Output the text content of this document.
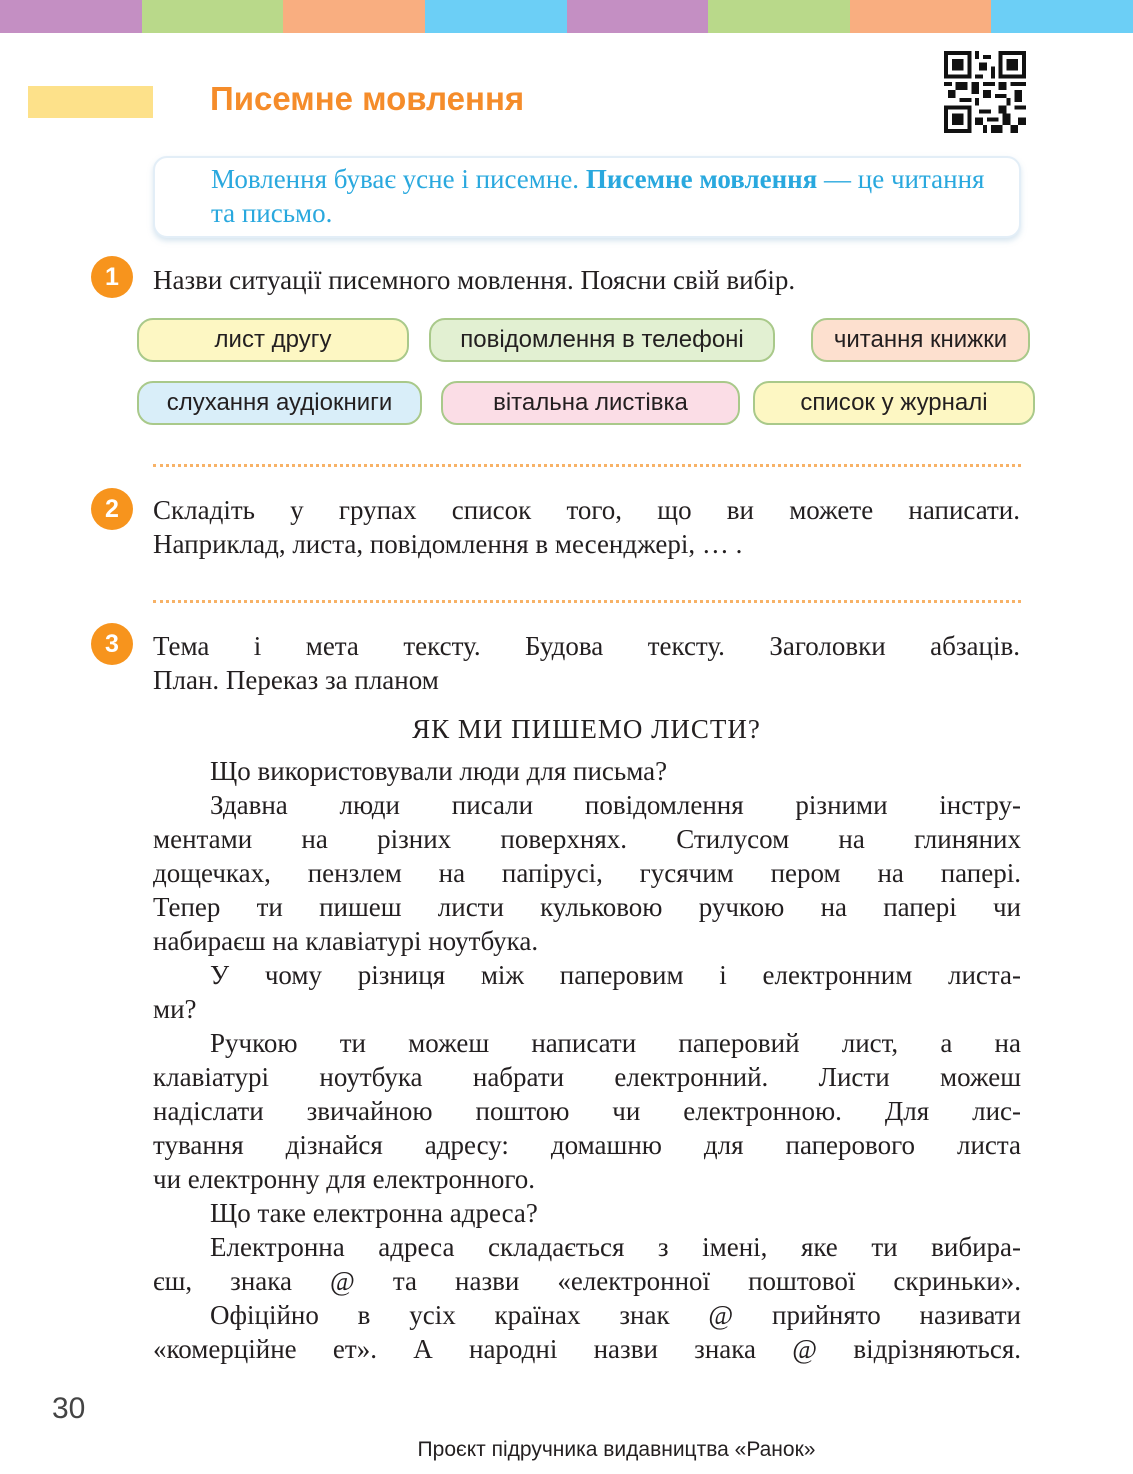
Писемне мовлення
Мовлення буває усне і писемне. Писемне мовлення — це читання та письмо.
1	Назви ситуації писемного мовлення. Поясни свій вибір.
лист другу	повідомлення в телефоні	читання книжки
слухання аудіокниги	вітальна листівка	список у журналі
2	Складіть у групах список того, що ви можете написати.
Наприклад, листа, повідомлення в месенджері, … .
3	Тема і мета тексту. Будова тексту. Заголовки абзаців.
План. Переказ за планом
ЯК МИ ПИШЕМО ЛИСТИ?
Що використовували люди для письма?
Здавна люди писали повідомлення різними інстру-
ментами на різних поверхнях. Стилусом на глиняних
дощечках, пензлем на папірусі, гусячим пером на папері.
Тепер ти пишеш листи кульковою ручкою на папері чи
набираєш на клавіатурі ноутбука.
У чому різниця між паперовим і електронним листа-
ми?
Ручкою ти можеш написати паперовий лист, а на
клавіатурі ноутбука набрати електронний. Листи можеш
надіслати звичайною поштою чи електронною. Для лис-
тування дізнайся адресу: домашню для паперового листа
чи електронну для електронного.
Що таке електронна адреса?
Електронна адреса складається з імені, яке ти вибира-
єш, знака @ та назви «електронної поштової скриньки».
Офіційно в усіх країнах знак @ прийнято називати
«комерційне ет». А народні назви знака @ відрізняються.
30
Проєкт підручника видавництва «Ранок»
